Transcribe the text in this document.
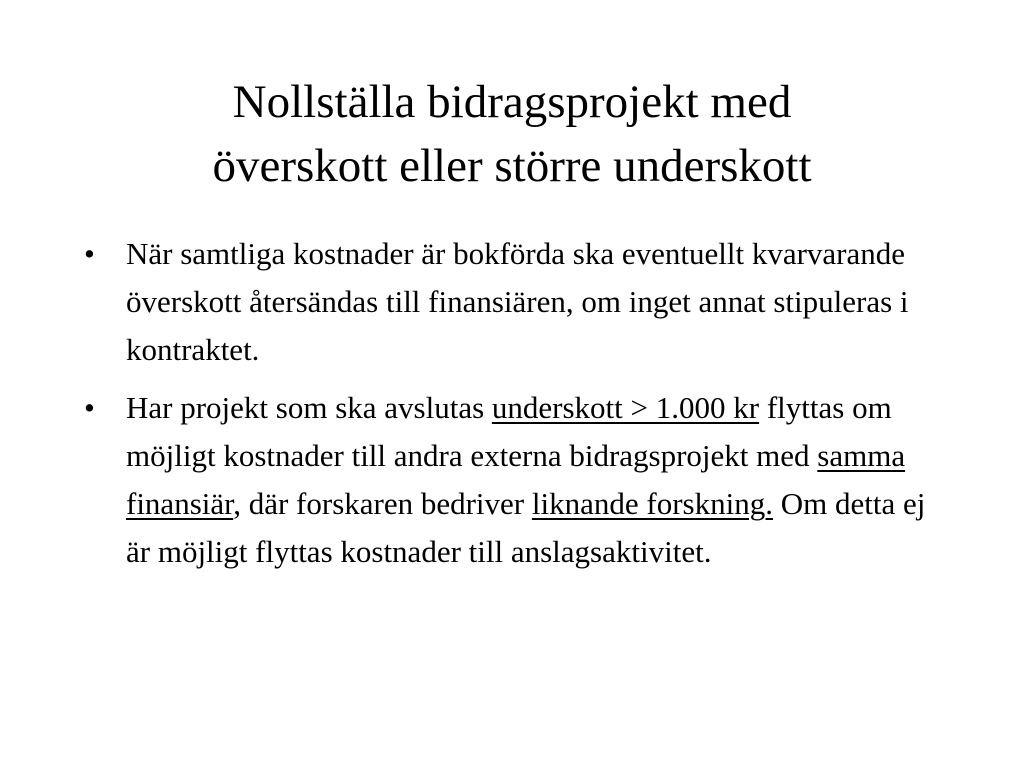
Nollställa bidragsprojekt med
överskott eller större underskott
•	När samtliga kostnader är bokförda ska eventuellt kvarvarande överskott återsändas till finansiären, om inget annat stipuleras i kontraktet.
•	Har projekt som ska avslutas underskott > 1.000 kr flyttas om möjligt kostnader till andra externa bidragsprojekt med samma finansiär, där forskaren bedriver liknande forskning. Om detta ej är möjligt flyttas kostnader till anslagsaktivitet.
